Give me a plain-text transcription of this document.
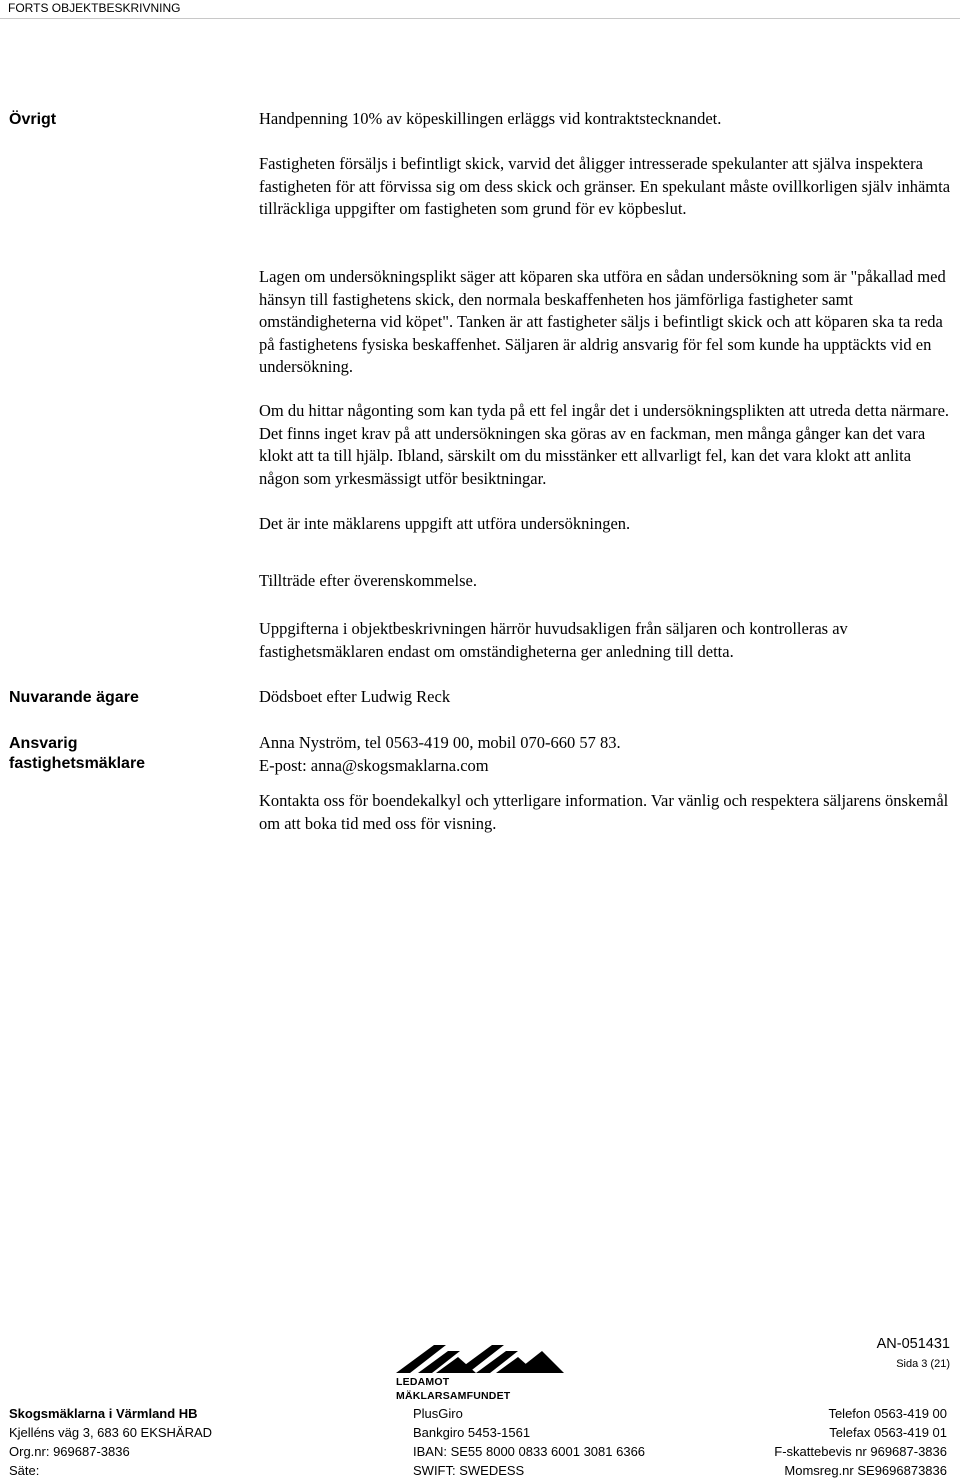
FORTS OBJEKTBESKRIVNING
Övrigt	Handpenning 10% av köpeskillingen erläggs vid kontraktstecknandet.

Fastigheten försäljs i befintligt skick, varvid det åligger intresserade spekulanter att själva inspektera fastigheten för att förvissa sig om dess skick och gränser. En spekulant måste ovillkorligen själv inhämta tillräckliga uppgifter om fastigheten som grund för ev köpbeslut.

Lagen om undersökningsplikt säger att köparen ska utföra en sådan undersökning som är "påkallad med hänsyn till fastighetens skick, den normala beskaffenheten hos jämförliga fastigheter samt omständigheterna vid köpet". Tanken är att fastigheter säljs i befintligt skick och att köparen ska ta reda på fastighetens fysiska beskaffenhet. Säljaren är aldrig ansvarig för fel som kunde ha upptäckts vid en undersökning.

Om du hittar någonting som kan tyda på ett fel ingår det i undersökningsplikten att utreda detta närmare. Det finns inget krav på att undersökningen ska göras av en fackman, men många gånger kan det vara klokt att ta till hjälp. Ibland, särskilt om du misstänker ett allvarligt fel, kan det vara klokt att anlita någon som yrkesmässigt utför besiktningar.

Det är inte mäklarens uppgift att utföra undersökningen.

Tillträde efter överenskommelse.

Uppgifterna i objektbeskrivningen härrör huvudsakligen från säljaren och kontrolleras av fastighetsmäklaren endast om omständigheterna ger anledning till detta.

Nuvarande ägare	Dödsboet efter Ludwig Reck

Ansvarig
fastighetsmäklare

Anna Nyström, tel 0563-419 00, mobil 070-660 57 83.

E-post: anna@skogsmaklarna.com

Kontakta oss för boendekalkyl och ytterligare information. Var vänlig och respektera säljarens önskemål om att boka tid med oss för visning.

LEDAMOT MÄKLARSAMFUNDET
AN-051431
Sida 3 (21)
Skogsmäklarna i Värmland HB
Kjelléns väg 3, 683 60 EKSHÄRAD
Org.nr: 969687-3836
Säte:
PlusGiro
Bankgiro 5453-1561
IBAN: SE55 8000 0833 6001 3081 6366
SWIFT: SWEDESS
Telefon 0563-419 00
Telefax 0563-419 01
F-skattebevis nr 969687-3836
Momsreg.nr SE9696873836
